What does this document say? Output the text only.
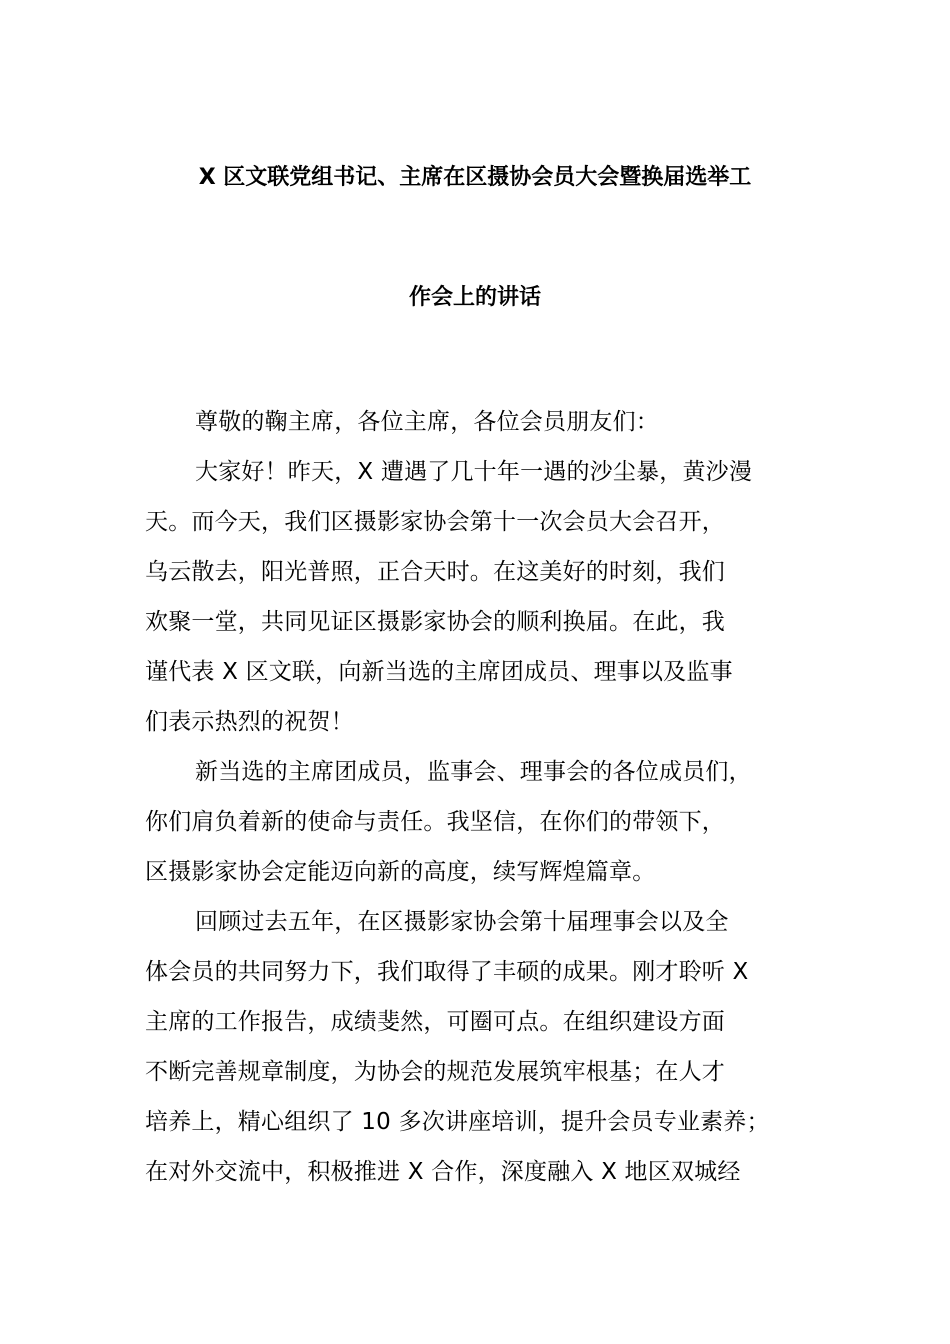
X 区文联党组书记、主席在区摄协会员大会暨换届选举工
作会上的讲话
尊敬的鞠主席，各位主席，各位会员朋友们：
大家好！昨天，X 遭遇了几十年一遇的沙尘暴，黄沙漫
天。而今天，我们区摄影家协会第十一次会员大会召开，
乌云散去，阳光普照，正合天时。在这美好的时刻，我们
欢聚一堂，共同见证区摄影家协会的顺利换届。在此，我
谨代表 X 区文联，向新当选的主席团成员、理事以及监事
们表示热烈的祝贺！
新当选的主席团成员，监事会、理事会的各位成员们，
你们肩负着新的使命与责任。我坚信，在你们的带领下，
区摄影家协会定能迈向新的高度，续写辉煌篇章。
回顾过去五年，在区摄影家协会第十届理事会以及全
体会员的共同努力下，我们取得了丰硕的成果。刚才聆听 X
主席的工作报告，成绩斐然，可圈可点。在组织建设方面
不断完善规章制度，为协会的规范发展筑牢根基；在人才
培养上，精心组织了 10 多次讲座培训，提升会员专业素养；
在对外交流中，积极推进 X 合作，深度融入 X 地区双城经
